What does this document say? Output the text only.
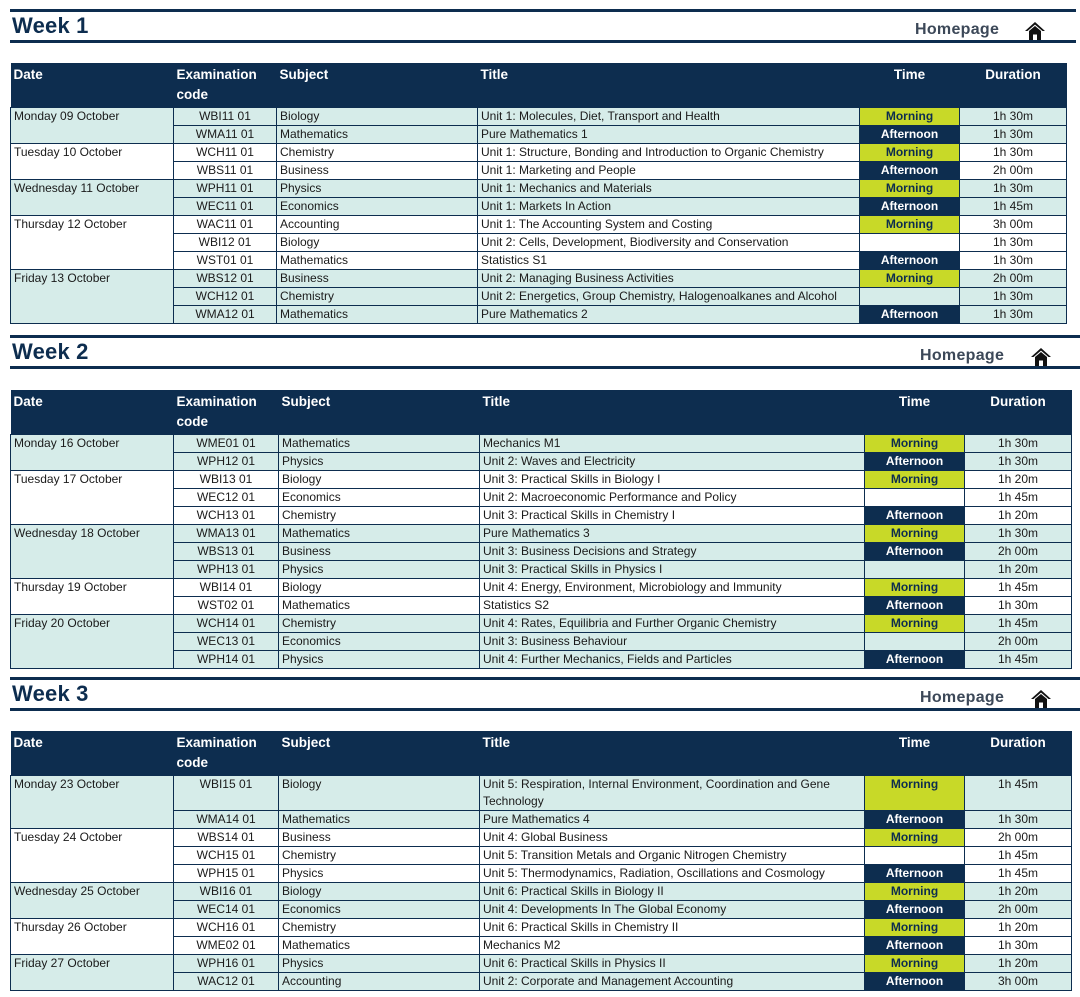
Week 1	Homepage
Date	Examination code	Subject	Title	Time	Duration
Monday 09 October	WBI11 01	Biology	Unit 1: Molecules, Diet, Transport and Health	Morning	1h 30m
	WMA11 01	Mathematics	Pure Mathematics 1	Afternoon	1h 30m
Tuesday 10 October	WCH11 01	Chemistry	Unit 1: Structure, Bonding and Introduction to Organic Chemistry	Morning	1h 30m
	WBS11 01	Business	Unit 1: Marketing and People	Afternoon	2h 00m
Wednesday 11 October	WPH11 01	Physics	Unit 1: Mechanics and Materials	Morning	1h 30m
	WEC11 01	Economics	Unit 1: Markets In Action	Afternoon	1h 45m
Thursday 12 October	WAC11 01	Accounting	Unit 1: The Accounting System and Costing	Morning	3h 00m
	WBI12 01	Biology	Unit 2: Cells, Development, Biodiversity and Conservation		1h 30m
	WST01 01	Mathematics	Statistics S1	Afternoon	1h 30m
Friday 13 October	WBS12 01	Business	Unit 2: Managing Business Activities	Morning	2h 00m
	WCH12 01	Chemistry	Unit 2: Energetics, Group Chemistry, Halogenoalkanes and Alcohol		1h 30m
	WMA12 01	Mathematics	Pure Mathematics 2	Afternoon	1h 30m
Week 2	Homepage
Date	Examination code	Subject	Title	Time	Duration
Monday 16 October	WME01 01	Mathematics	Mechanics M1	Morning	1h 30m
	WPH12 01	Physics	Unit 2: Waves and Electricity	Afternoon	1h 30m
Tuesday 17 October	WBI13 01	Biology	Unit 3: Practical Skills in Biology I	Morning	1h 20m
	WEC12 01	Economics	Unit 2: Macroeconomic Performance and Policy		1h 45m
	WCH13 01	Chemistry	Unit 3: Practical Skills in Chemistry I	Afternoon	1h 20m
Wednesday 18 October	WMA13 01	Mathematics	Pure Mathematics 3	Morning	1h 30m
	WBS13 01	Business	Unit 3: Business Decisions and Strategy	Afternoon	2h 00m
	WPH13 01	Physics	Unit 3: Practical Skills in Physics I		1h 20m
Thursday 19 October	WBI14 01	Biology	Unit 4: Energy, Environment, Microbiology and Immunity	Morning	1h 45m
	WST02 01	Mathematics	Statistics S2	Afternoon	1h 30m
Friday 20 October	WCH14 01	Chemistry	Unit 4: Rates, Equilibria and Further Organic Chemistry	Morning	1h 45m
	WEC13 01	Economics	Unit 3: Business Behaviour		2h 00m
	WPH14 01	Physics	Unit 4: Further Mechanics, Fields and Particles	Afternoon	1h 45m
Week 3	Homepage
Date	Examination code	Subject	Title	Time	Duration
Monday 23 October	WBI15 01	Biology	Unit 5: Respiration, Internal Environment, Coordination and Gene Technology	Morning	1h 45m
	WMA14 01	Mathematics	Pure Mathematics 4	Afternoon	1h 30m
Tuesday 24 October	WBS14 01	Business	Unit 4: Global Business	Morning	2h 00m
	WCH15 01	Chemistry	Unit 5: Transition Metals and Organic Nitrogen Chemistry		1h 45m
	WPH15 01	Physics	Unit 5: Thermodynamics, Radiation, Oscillations and Cosmology	Afternoon	1h 45m
Wednesday 25 October	WBI16 01	Biology	Unit 6: Practical Skills in Biology II	Morning	1h 20m
	WEC14 01	Economics	Unit 4: Developments In The Global Economy	Afternoon	2h 00m
Thursday 26 October	WCH16 01	Chemistry	Unit 6: Practical Skills in Chemistry II	Morning	1h 20m
	WME02 01	Mathematics	Mechanics M2	Afternoon	1h 30m
Friday 27 October	WPH16 01	Physics	Unit 6: Practical Skills in Physics II	Morning	1h 20m
	WAC12 01	Accounting	Unit 2: Corporate and Management Accounting	Afternoon	3h 00m
